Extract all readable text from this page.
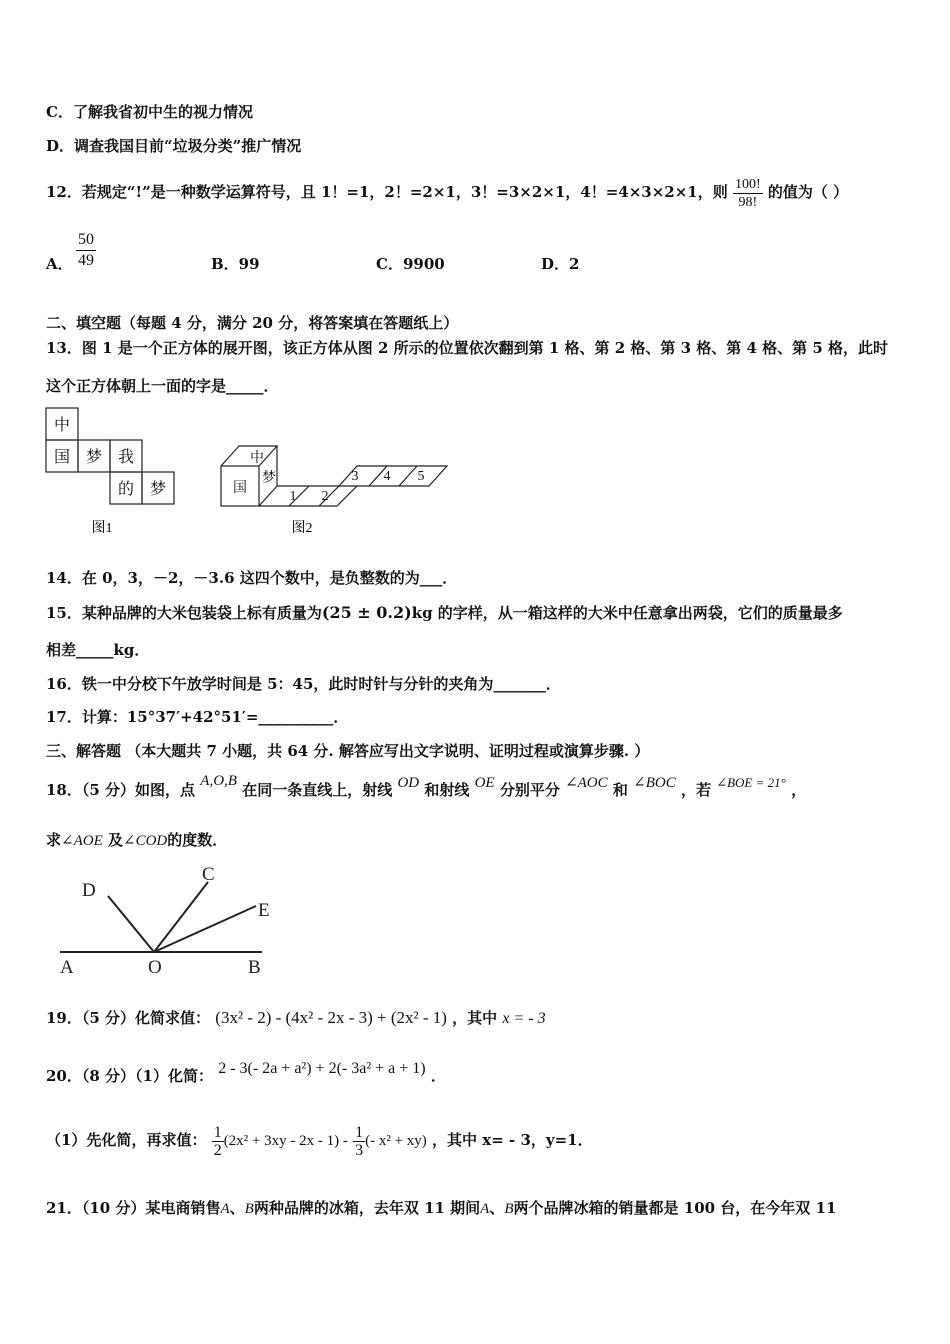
C．了解我省初中生的视力情况
D．调查我国目前“垃圾分类”推广情况
12．若规定“!”是一种数学运算符号，且 1！=1，2！=2×1，3！=3×2×1，4！=4×3×2×1，则 $\frac{100!}{98!}$ 的值为（ ）
A． $\frac{50}{49}$	B．99	C．9900	D．2
二、填空题（每题 4 分，满分 20 分，将答案填在答题纸上）
13．图 1 是一个正方体的展开图，该正方体从图 2 所示的位置依次翻到第 1 格、第 2 格、第 3 格、第 4 格、第 5 格，此时
这个正方体朝上一面的字是_____．
中
国 梦 我
的 梦
图1
中
国
梦
1 2
3 4 5
图2
14．在 0，3，－2，－3.6 这四个数中，是负整数的为___．
15．某种品牌的大米包装袋上标有质量为(25 ± 0.2)kg 的字样，从一箱这样的大米中任意拿出两袋，它们的质量最多
相差_____kg．
16．铁一中分校下午放学时间是 5：45，此时时针与分针的夹角为_______．
17．计算：15°37′+42°51′=__________．
三、解答题 （本大题共 7 小题，共 64 分. 解答应写出文字说明、证明过程或演算步骤. ）
18．（5 分）如图，点 A,O,B 在同一条直线上，射线 OD 和射线 OE 分别平分 ∠AOC 和 ∠BOC ，若 ∠BOE = 21° ，
求∠AOE 及∠COD的度数．
D
C
E
A	O	B
19．（5 分）化简求值： (3x² - 2) - (4x² - 2x - 3) + (2x² - 1) ，其中 x = - 3
20．（8 分）（1）化简： 2 - 3(- 2a + a²) + 2(- 3a² + a + 1) ．
（1）先化简，再求值： $\frac{1}{2} (2x^2 + 3xy - 2x - 1) - \frac{1}{3}$ (- x² + xy) ，其中 x= - 3，y=1．
21．（10 分）某电商销售A、B两种品牌的冰箱，去年双 11 期间A、B两个品牌冰箱的销量都是 100 台，在今年双 11
